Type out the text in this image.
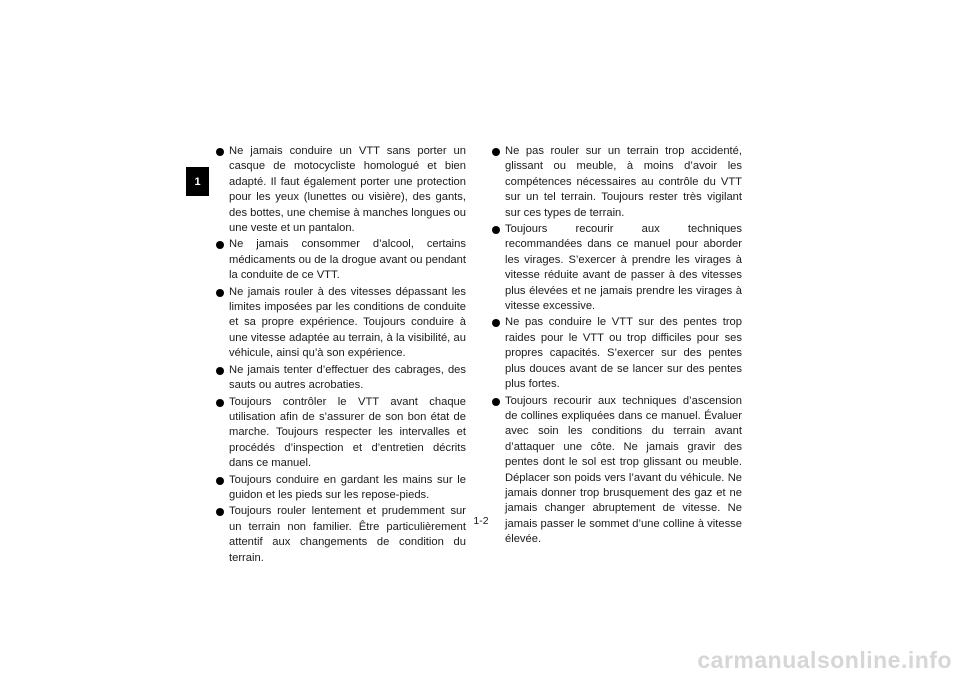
1
Ne jamais conduire un VTT sans porter un casque de motocycliste homologué et bien adapté. Il faut également porter une protection pour les yeux (lunettes ou visière), des gants, des bottes, une chemise à manches longues ou une veste et un pantalon.
Ne jamais consommer d’alcool, certains médicaments ou de la drogue avant ou pendant la conduite de ce VTT.
Ne jamais rouler à des vitesses dépassant les limites imposées par les conditions de conduite et sa propre expérience. Toujours conduire à une vitesse adaptée au terrain, à la visibilité, au véhicule, ainsi qu’à son expérience.
Ne jamais tenter d’effectuer des cabrages, des sauts ou autres acrobaties.
Toujours contrôler le VTT avant chaque utilisation afin de s’assurer de son bon état de marche. Toujours respecter les intervalles et procédés d’inspection et d’entretien décrits dans ce manuel.
Toujours conduire en gardant les mains sur le guidon et les pieds sur les repose-pieds.
Toujours rouler lentement et prudemment sur un terrain non familier. Être particulièrement attentif aux changements de condition du terrain.
Ne pas rouler sur un terrain trop accidenté, glissant ou meuble, à moins d’avoir les compétences nécessaires au contrôle du VTT sur un tel terrain. Toujours rester très vigilant sur ces types de terrain.
Toujours recourir aux techniques recommandées dans ce manuel pour aborder les virages. S’exercer à prendre les virages à vitesse réduite avant de passer à des vitesses plus élevées et ne jamais prendre les virages à vitesse excessive.
Ne pas conduire le VTT sur des pentes trop raides pour le VTT ou trop difficiles pour ses propres capacités. S’exercer sur des pentes plus douces avant de se lancer sur des pentes plus fortes.
Toujours recourir aux techniques d’ascension de collines expliquées dans ce manuel. Évaluer avec soin les conditions du terrain avant d’attaquer une côte. Ne jamais gravir des pentes dont le sol est trop glissant ou meuble. Déplacer son poids vers l’avant du véhicule. Ne jamais donner trop brusquement des gaz et ne jamais changer abruptement de vitesse. Ne jamais passer le sommet d’une colline à vitesse élevée.
1-2
carmanualsonline.info
